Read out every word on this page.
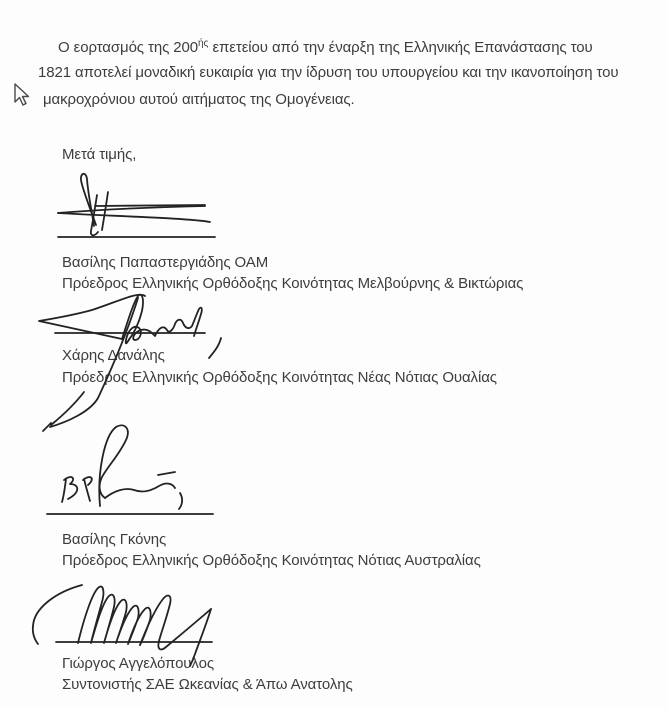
Ο εορτασμός της $200^{ή\varsigma}$ επετείου από την έναρξη της Ελληνικής Επανάστασης του
1821 αποτελεί μοναδική ευκαιρία για την ίδρυση του υπουργείου και την ικανοποίηση του
μακροχρόνιου αυτού αιτήματος της Ομογένειας.
Μετά τιμής,
Βασίλης Παπαστεργιάδης ΟΑΜ
Πρόεδρος Ελληνικής Ορθόδοξης Κοινότητας Μελβούρνης & Βικτώριας
Χάρης Δανάλης
Πρόεδρος Ελληνικής Ορθόδοξης Κοινότητας Νέας Νότιας Ουαλίας
Βασίλης Γκόνης
Πρόεδρος Ελληνικής Ορθόδοξης Κοινότητας Νότιας Αυστραλίας
Γιώργος Αγγελόπουλος
Συντονιστής ΣΑΕ Ωκεανίας & Άπω Ανατολης
